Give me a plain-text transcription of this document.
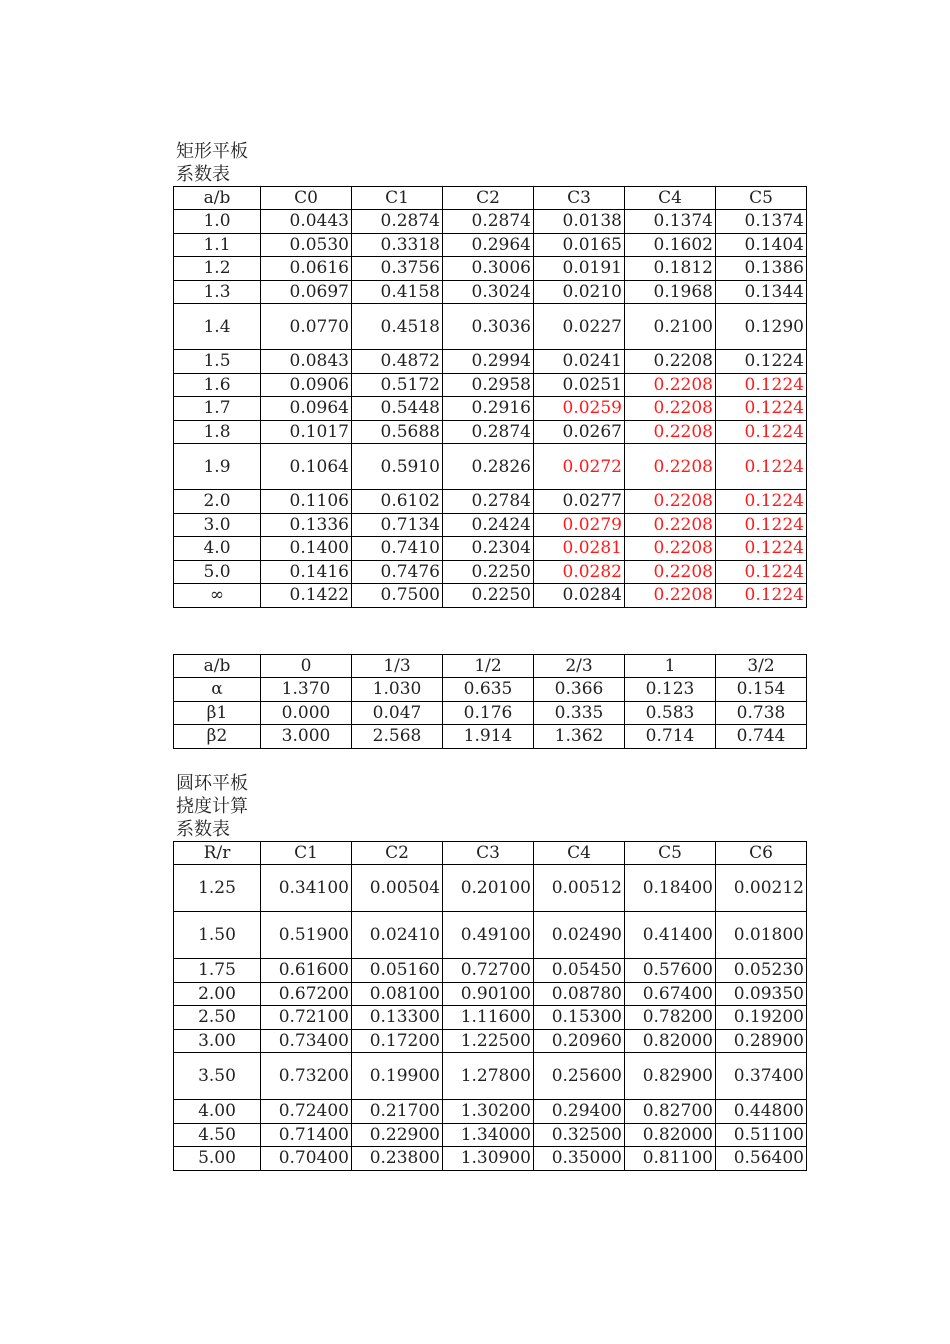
矩形平板
系数表
a/b	C0	C1	C2	C3	C4	C5
1.0	0.0443	0.2874	0.2874	0.0138	0.1374	0.1374
1.1	0.0530	0.3318	0.2964	0.0165	0.1602	0.1404
1.2	0.0616	0.3756	0.3006	0.0191	0.1812	0.1386
1.3	0.0697	0.4158	0.3024	0.0210	0.1968	0.1344
1.4	0.0770	0.4518	0.3036	0.0227	0.2100	0.1290
1.5	0.0843	0.4872	0.2994	0.0241	0.2208	0.1224
1.6	0.0906	0.5172	0.2958	0.0251	0.2208	0.1224
1.7	0.0964	0.5448	0.2916	0.0259	0.2208	0.1224
1.8	0.1017	0.5688	0.2874	0.0267	0.2208	0.1224
1.9	0.1064	0.5910	0.2826	0.0272	0.2208	0.1224
2.0	0.1106	0.6102	0.2784	0.0277	0.2208	0.1224
3.0	0.1336	0.7134	0.2424	0.0279	0.2208	0.1224
4.0	0.1400	0.7410	0.2304	0.0281	0.2208	0.1224
5.0	0.1416	0.7476	0.2250	0.0282	0.2208	0.1224
∞	0.1422	0.7500	0.2250	0.0284	0.2208	0.1224
a/b	0	1/3	1/2	2/3	1	3/2
α	1.370	1.030	0.635	0.366	0.123	0.154
β1	0.000	0.047	0.176	0.335	0.583	0.738
β2	3.000	2.568	1.914	1.362	0.714	0.744
圆环平板
挠度计算
系数表
R/r	C1	C2	C3	C4	C5	C6
1.25	0.34100	0.00504	0.20100	0.00512	0.18400	0.00212
1.50	0.51900	0.02410	0.49100	0.02490	0.41400	0.01800
1.75	0.61600	0.05160	0.72700	0.05450	0.57600	0.05230
2.00	0.67200	0.08100	0.90100	0.08780	0.67400	0.09350
2.50	0.72100	0.13300	1.11600	0.15300	0.78200	0.19200
3.00	0.73400	0.17200	1.22500	0.20960	0.82000	0.28900
3.50	0.73200	0.19900	1.27800	0.25600	0.82900	0.37400
4.00	0.72400	0.21700	1.30200	0.29400	0.82700	0.44800
4.50	0.71400	0.22900	1.34000	0.32500	0.82000	0.51100
5.00	0.70400	0.23800	1.30900	0.35000	0.81100	0.56400
